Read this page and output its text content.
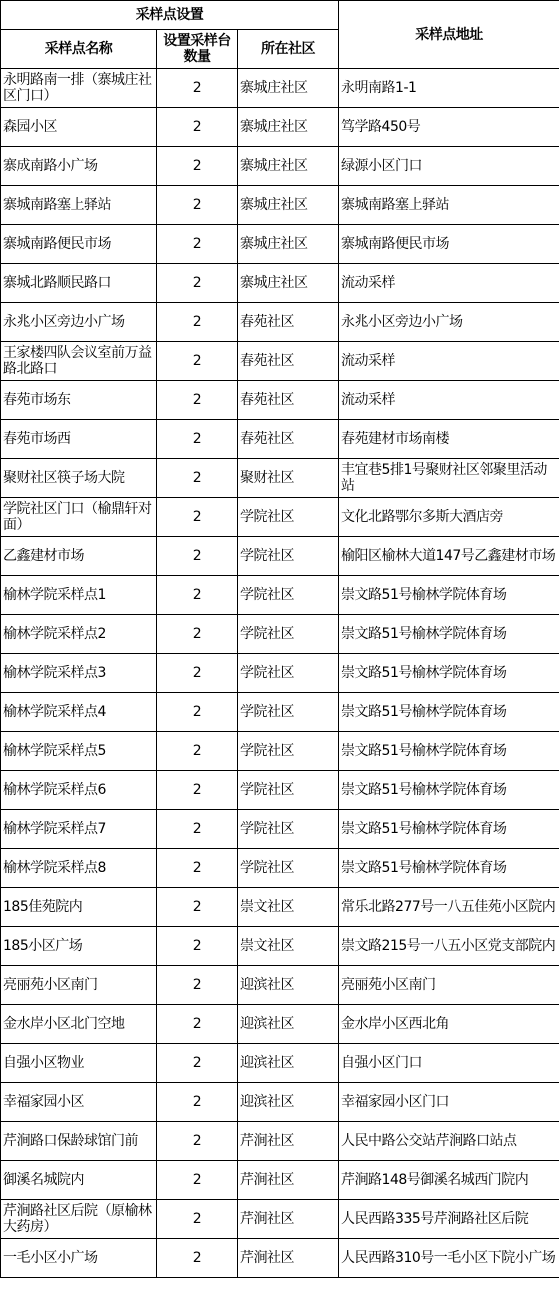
采样点设置			采样点地址
采样点名称	设置采样台数量	所在社区	
永明路南一排（寨城庄社区门口）	2	寨城庄社区	永明南路1-1
森园小区	2	寨城庄社区	笃学路450号
寨成南路小广场	2	寨城庄社区	绿源小区门口
寨城南路塞上驿站	2	寨城庄社区	寨城南路塞上驿站
寨城南路便民市场	2	寨城庄社区	寨城南路便民市场
寨城北路顺民路口	2	寨城庄社区	流动采样
永兆小区旁边小广场	2	春苑社区	永兆小区旁边小广场
王家楼四队会议室前万益路北路口	2	春苑社区	流动采样
春苑市场东	2	春苑社区	流动采样
春苑市场西	2	春苑社区	春苑建材市场南楼
聚财社区筷子场大院	2	聚财社区	丰宜巷5排1号聚财社区邻聚里活动站
学院社区门口（榆鼎轩对面）	2	学院社区	文化北路鄂尔多斯大酒店旁
乙鑫建材市场	2	学院社区	榆阳区榆林大道147号乙鑫建材市场
榆林学院采样点1	2	学院社区	崇文路51号榆林学院体育场
榆林学院采样点2	2	学院社区	崇文路51号榆林学院体育场
榆林学院采样点3	2	学院社区	崇文路51号榆林学院体育场
榆林学院采样点4	2	学院社区	崇文路51号榆林学院体育场
榆林学院采样点5	2	学院社区	崇文路51号榆林学院体育场
榆林学院采样点6	2	学院社区	崇文路51号榆林学院体育场
榆林学院采样点7	2	学院社区	崇文路51号榆林学院体育场
榆林学院采样点8	2	学院社区	崇文路51号榆林学院体育场
185佳苑院内	2	崇文社区	常乐北路277号一八五佳苑小区院内
185小区广场	2	崇文社区	崇文路215号一八五小区党支部院内
亮丽苑小区南门	2	迎滨社区	亮丽苑小区南门
金水岸小区北门空地	2	迎滨社区	金水岸小区西北角
自强小区物业	2	迎滨社区	自强小区门口
幸福家园小区	2	迎滨社区	幸福家园小区门口
芹涧路口保龄球馆门前	2	芹涧社区	人民中路公交站芹涧路口站点
御溪名城院内	2	芹涧社区	芹涧路148号御溪名城西门院内
芹涧路社区后院（原榆林大药房）	2	芹涧社区	人民西路335号芹涧路社区后院
一毛小区小广场	2	芹涧社区	人民西路310号一毛小区下院小广场
